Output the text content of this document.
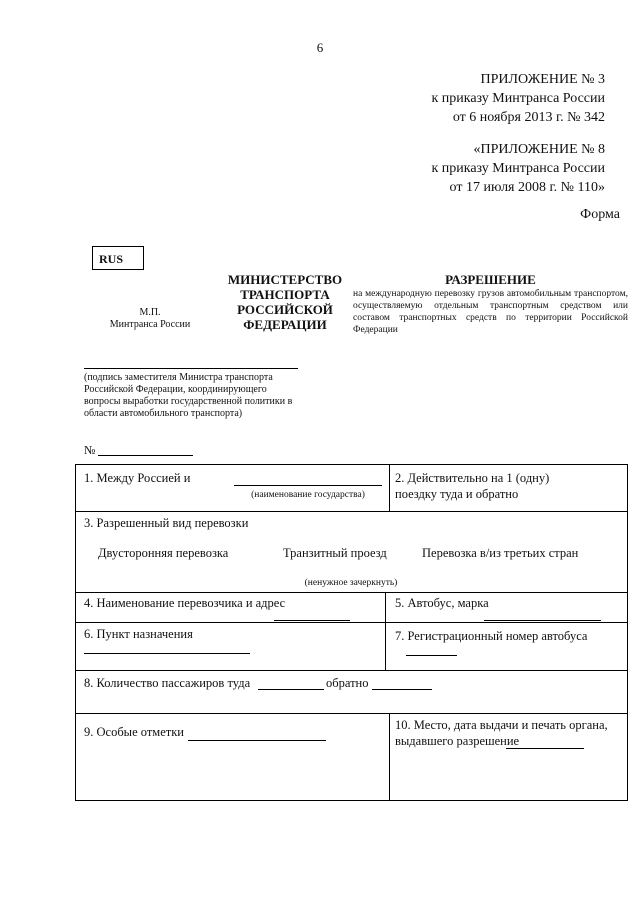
6
ПРИЛОЖЕНИЕ № 3
к приказу Минтранса России
от 6 ноября 2013 г. № 342
«ПРИЛОЖЕНИЕ № 8
к приказу Минтранса России
от 17 июля 2008 г. № 110»
Форма
RUS
М.П.
Минтранса России
МИНИСТЕРСТВО
ТРАНСПОРТА
РОССИЙСКОЙ
ФЕДЕРАЦИИ
РАЗРЕШЕНИЕ
на международную перевозку грузов автомобильным транспортом, осуществляемую отдельным транспортным средством или составом транспортных средств по территории Российской Федерации
(подпись заместителя Министра транспорта Российской Федерации, координирующего вопросы выработки государственной политики в области автомобильного транспорта)
№
1. Между Россией и
(наименование государства)
2. Действительно на 1 (одну)
поездку туда и обратно
3. Разрешенный вид перевозки
Двусторонняя перевозка	Транзитный проезд	Перевозка в/из третьих стран
(ненужное зачеркнуть)
4. Наименование перевозчика и адрес	5. Автобус, марка
6. Пункт назначения	7. Регистрационный номер автобуса
8. Количество пассажиров туда	обратно
9. Особые отметки	10. Место, дата выдачи и печать органа,
выдавшего разрешение
